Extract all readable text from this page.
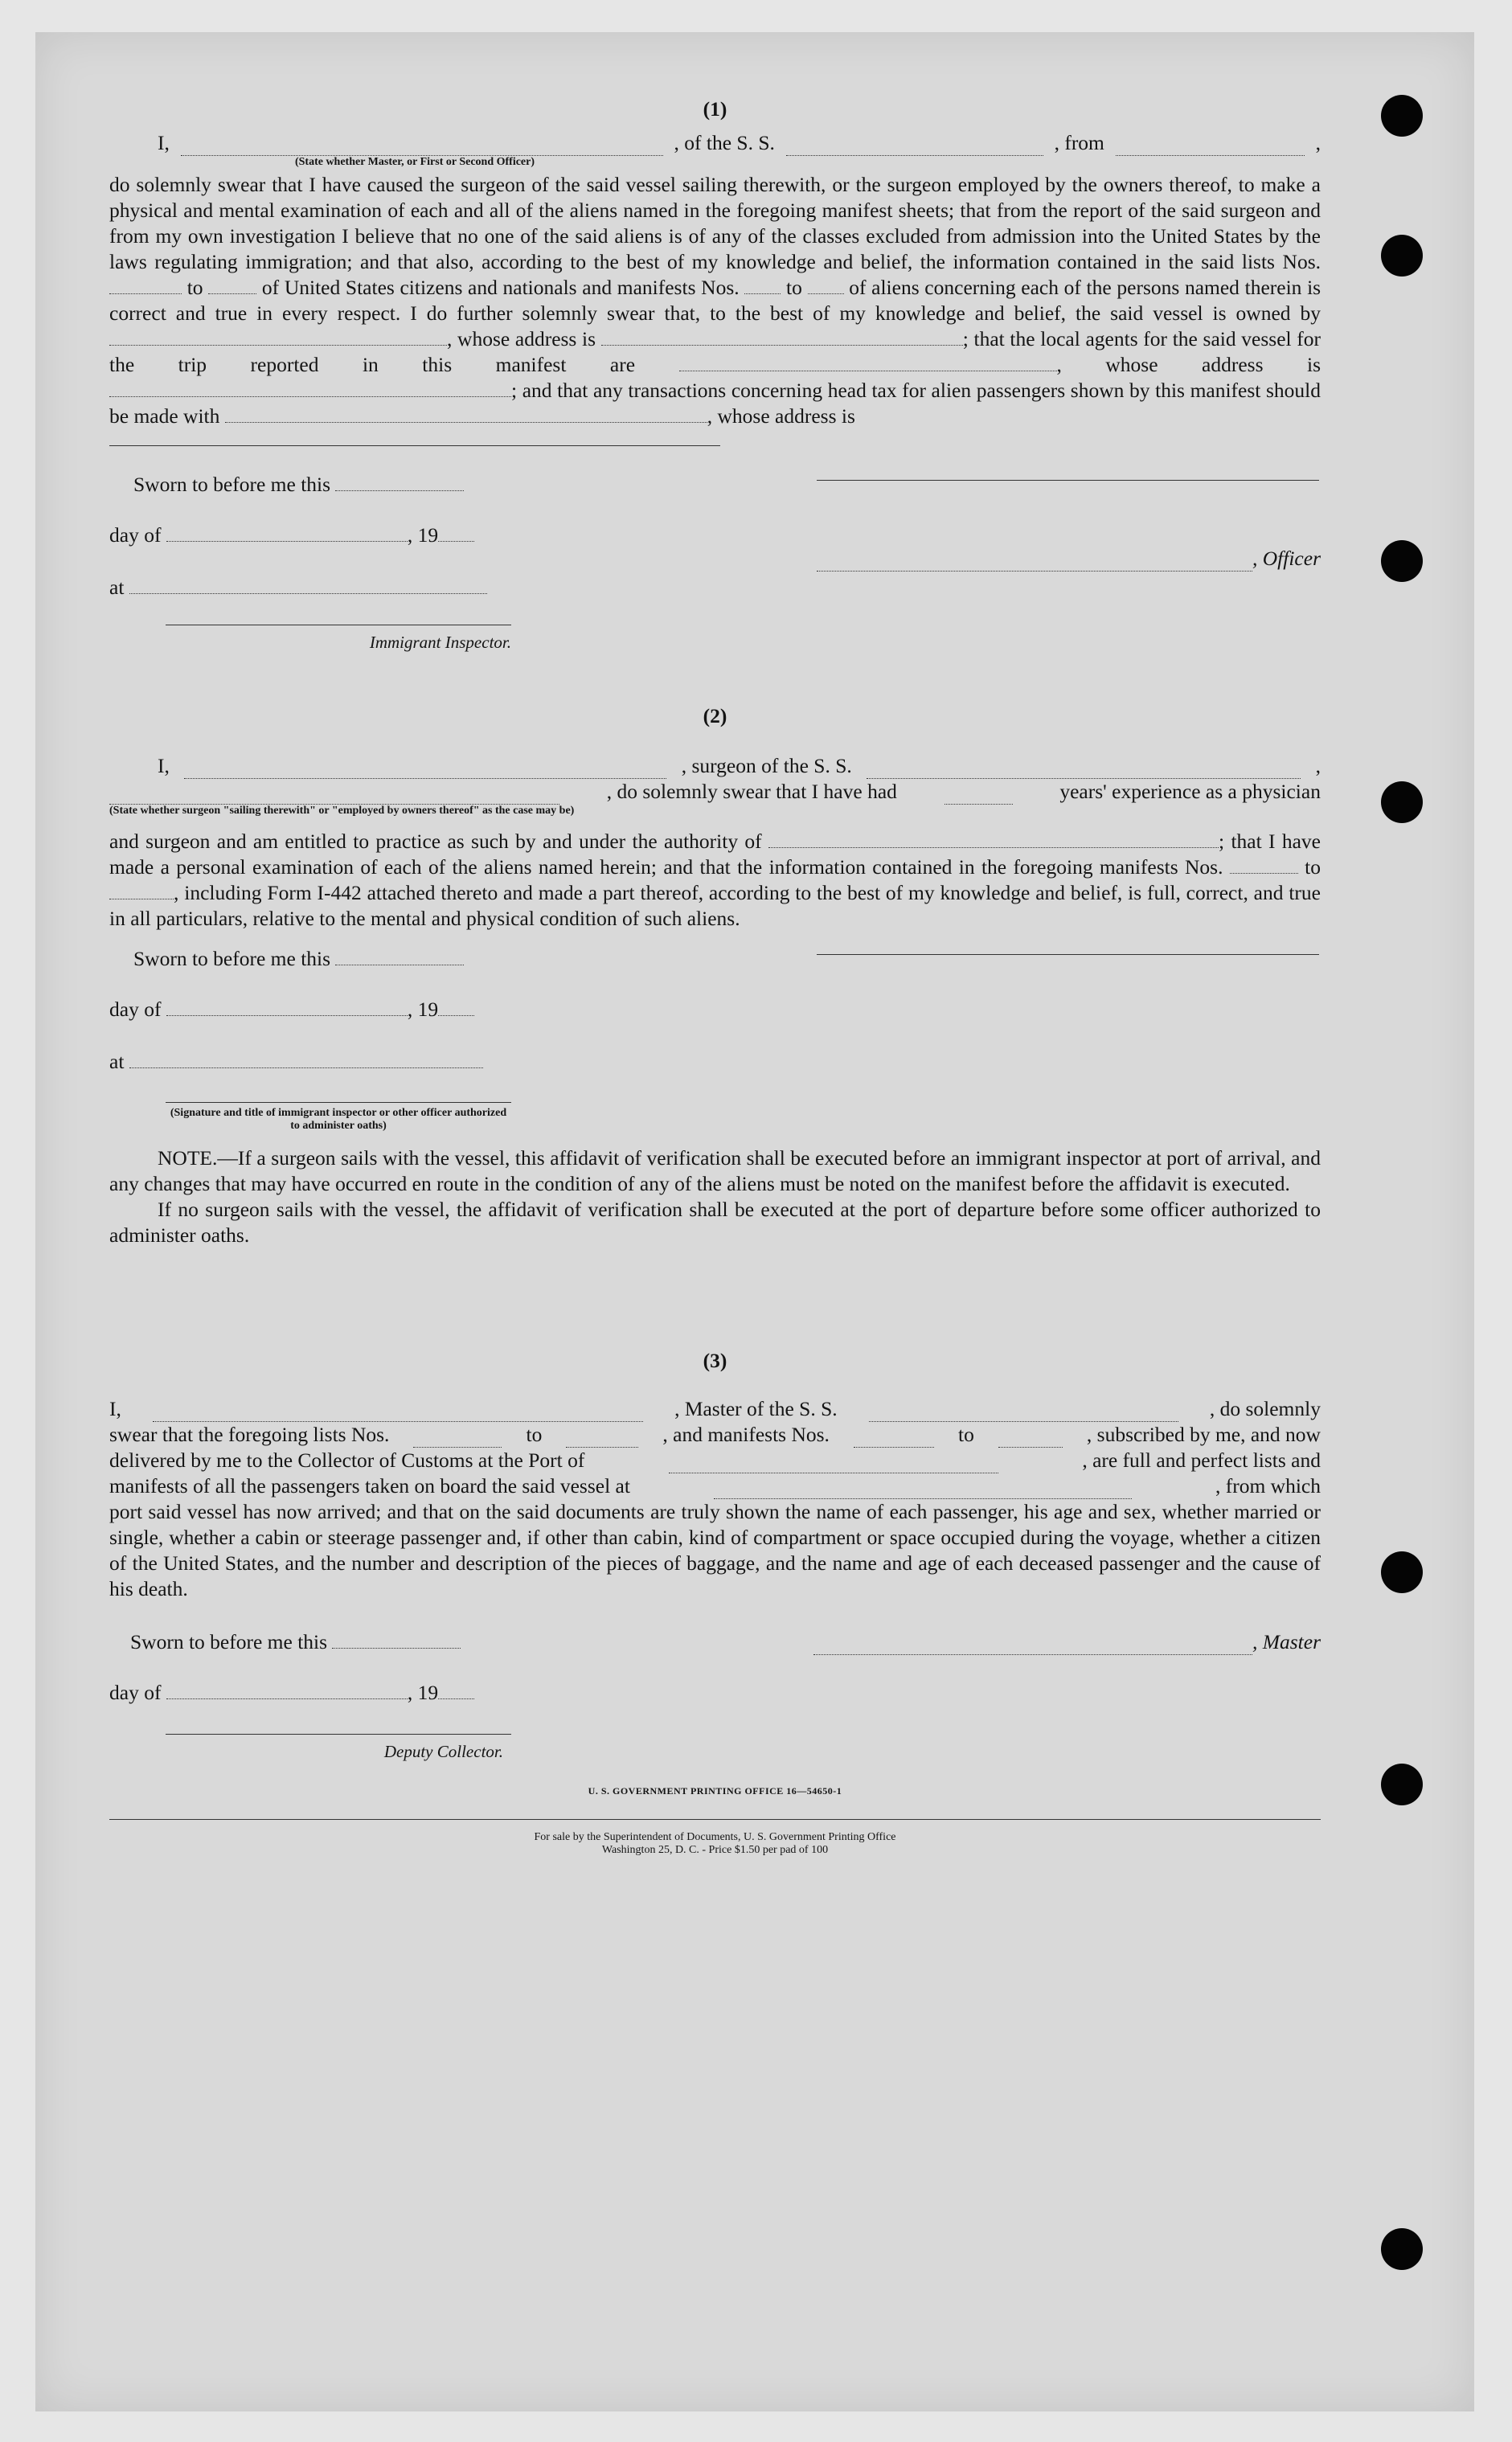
(1)

I,	, of the S. S.	, from	,
(State whether Master, or First or Second Officer)

do solemnly swear that I have caused the surgeon of the said vessel sailing therewith, or the surgeon employed by the owners thereof, to make a physical and mental examination of each and all of the aliens named in the foregoing manifest sheets; that from the report of the said surgeon and from my own investigation I believe that no one of the said aliens is of any of the classes excluded from admission into the United States by the laws regulating immigration; and that also, according to the best of my knowledge and belief, the information contained in the said lists Nos.  to	of United States citizens and nationals and manifests Nos. to of aliens concerning each of the persons named therein is correct and true in every respect. I do further solemnly swear that, to the best of my knowledge and belief, the said vessel is owned by , whose address is	; that the local agents for the said vessel for the trip reported in this manifest are	, whose address is ; and that any transactions concerning head tax for alien passengers shown by this manifest should be made with	, whose address is

Sworn to before me this
day of	, 19
at
Immigrant Inspector.
, Officer

(2)

I,	, surgeon of the S. S.	,
, do solemnly swear that I have had	years' experience as a physician
(State whether surgeon "sailing therewith" or "employed by owners thereof" as the case may be)

and surgeon and am entitled to practice as such by and under the authority of	; that I have made a personal examination of each of the aliens named herein; and that the information contained in the foregoing manifests Nos.	to , including Form I-442 attached thereto and made a part thereof, according to the best of my knowledge and belief, is full, correct, and true in all particulars, relative to the mental and physical condition of such aliens.

Sworn to before me this
day of	, 19
at
(Signature and title of immigrant inspector or other officer authorized to administer oaths)

NOTE.—If a surgeon sails with the vessel, this affidavit of verification shall be executed before an immigrant inspector at port of arrival, and any changes that may have occurred en route in the condition of any of the aliens must be noted on the manifest before the affidavit is executed.

If no surgeon sails with the vessel, the affidavit of verification shall be executed at the port of departure before some officer authorized to administer oaths.

(3)

I,	, Master of the S. S.	, do solemnly
swear that the foregoing lists Nos.	to	, and manifests Nos.	to	, subscribed by me, and now
delivered by me to the Collector of Customs at the Port of	, are full and perfect lists and
manifests of all the passengers taken on board the said vessel at	, from which

port said vessel has now arrived; and that on the said documents are truly shown the name of each passenger, his age and sex, whether married or single, whether a cabin or steerage passenger and, if other than cabin, kind of compartment or space occupied during the voyage, whether a citizen of the United States, and the number and description of the pieces of baggage, and the name and age of each deceased passenger and the cause of his death.

Sworn to before me this
day of	, 19
Deputy Collector.
, Master
U. S. GOVERNMENT PRINTING OFFICE 16—54650-1
For sale by the Superintendent of Documents, U. S. Government Printing Office
Washington 25, D. C. - Price $1.50 per pad of 100
